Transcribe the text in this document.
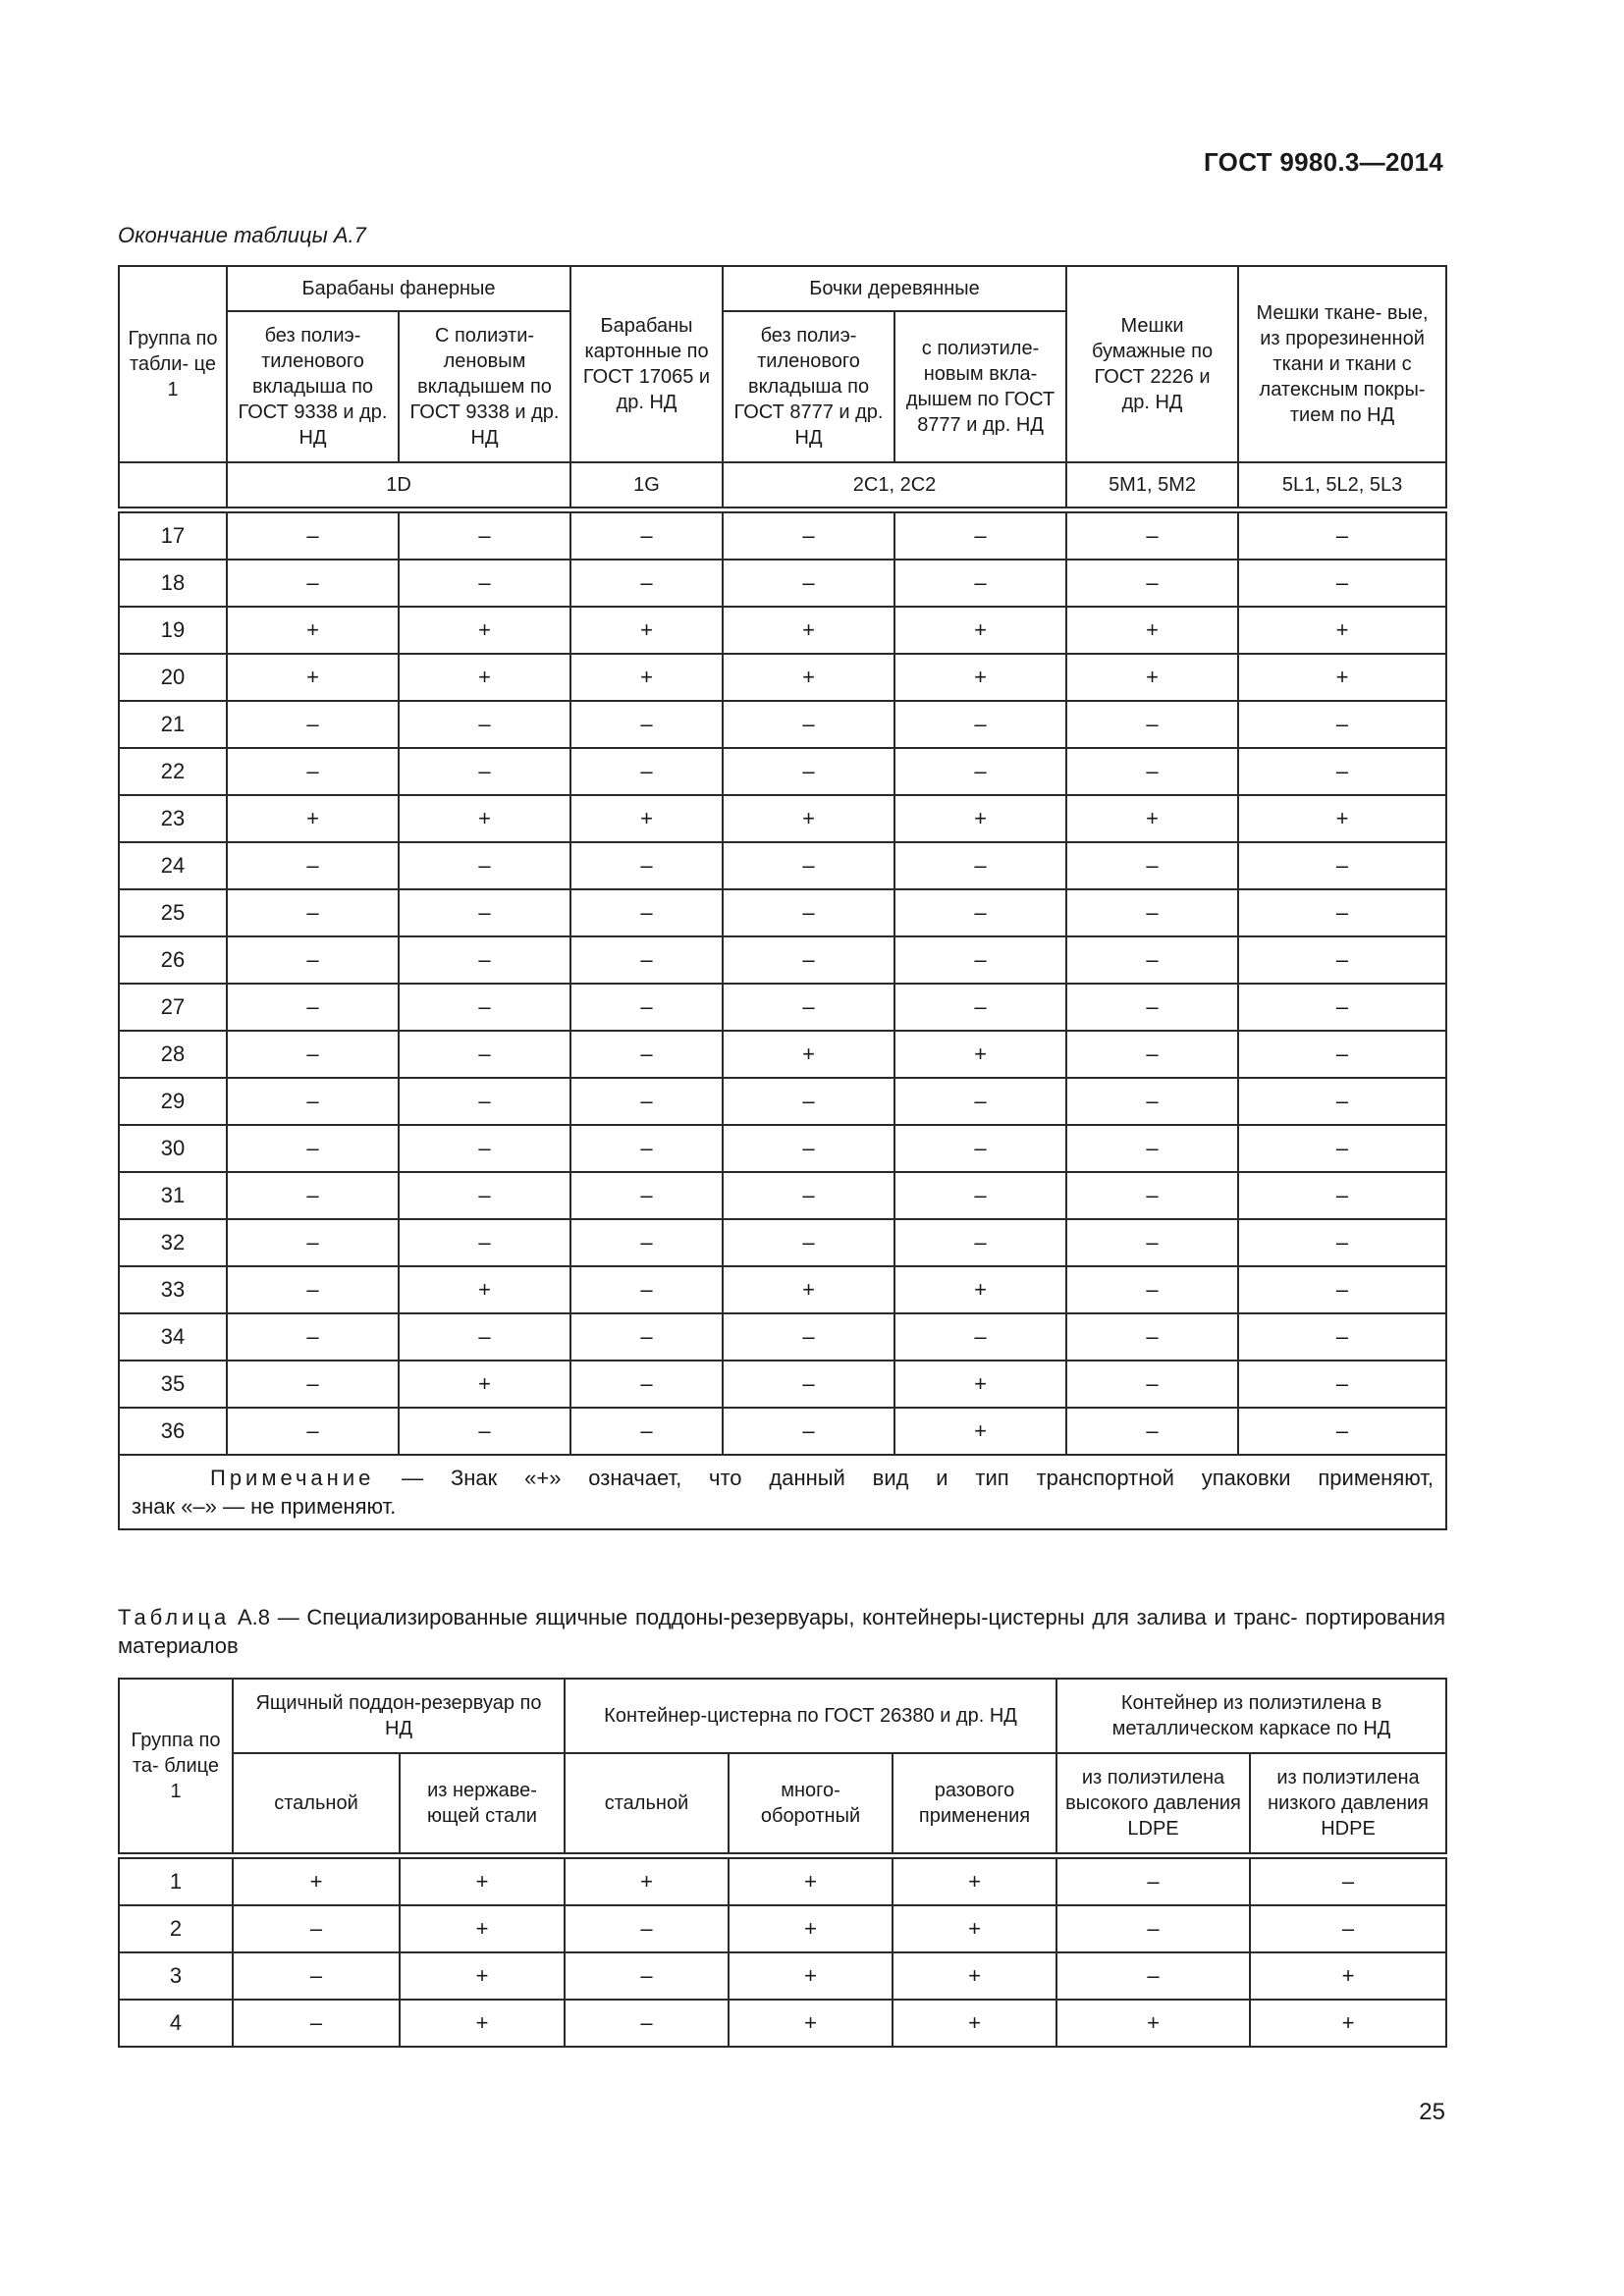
ГОСТ 9980.3—2014
Окончание таблицы А.7
Группа по табли- це 1	Барабаны фанерные		Барабаны картонные по ГОСТ 17065 и др. НД	Бочки деревянные		Мешки бумажные по ГОСТ 2226 и др. НД	Мешки ткане- вые, из прорезиненной ткани и ткани с латексным покры- тием по НД
	без полиэ- тиленового вкладыша по ГОСТ 9338 и др. НД	С полиэти- леновым вкладышем по ГОСТ 9338 и др. НД		без полиэ- тиленового вкладыша по ГОСТ 8777 и др. НД	с полиэтиле- новым вкла- дышем по ГОСТ 8777 и др. НД		
	1D		1G	2C1, 2C2		5M1, 5M2	5L1, 5L2, 5L3

17	–	–	–	–	–	–	–
18	–	–	–	–	–	–	–
19	+	+	+	+	+	+	+
20	+	+	+	+	+	+	+
21	–	–	–	–	–	–	–
22	–	–	–	–	–	–	–
23	+	+	+	+	+	+	+
24	–	–	–	–	–	–	–
25	–	–	–	–	–	–	–
26	–	–	–	–	–	–	–
27	–	–	–	–	–	–	–
28	–	–	–	+	+	–	–
29	–	–	–	–	–	–	–
30	–	–	–	–	–	–	–
31	–	–	–	–	–	–	–
32	–	–	–	–	–	–	–
33	–	+	–	+	+	–	–
34	–	–	–	–	–	–	–
35	–	+	–	–	+	–	–
36	–	–	–	–	+	–	–

Примечание — Знак «+» означает, что данный вид и тип транспортной упаковки применяют,
знак «–» — не применяют.							
Таблица А.8 — Специализированные ящичные поддоны-резервуары, контейнеры-цистерны для залива и транс- портирования материалов
Группа по та- блице 1	Ящичный поддон-резервуар по НД		Контейнер-цистерна по ГОСТ 26380 и др. НД			Контейнер из полиэтилена в металлическом каркасе по НД	
	стальной	из нержаве- ющей стали	стальной	много- оборотный	разового применения	из полиэтилена высокого давления LDPE	из полиэтилена низкого давления HDPE

1	+	+	+	+	+	–	–
2	–	+	–	+	+	–	–
3	–	+	–	+	+	–	+
4	–	+	–	+	+	+	+
25
